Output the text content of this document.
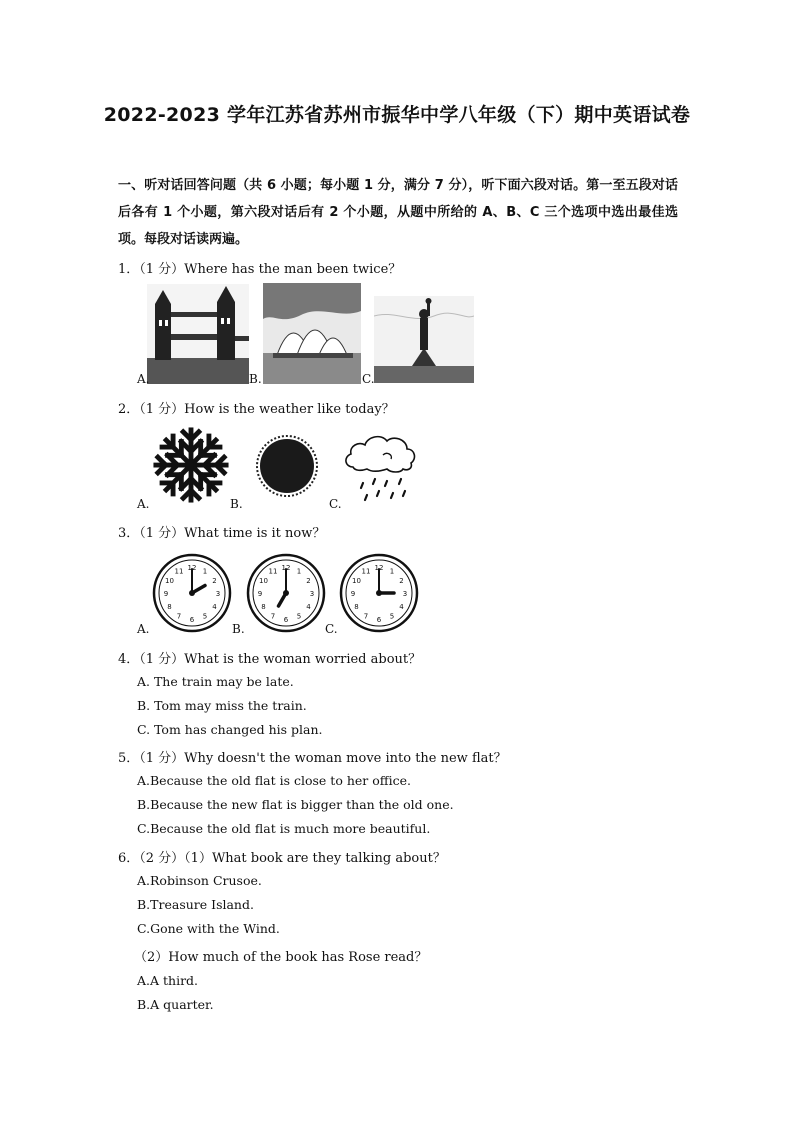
2022-2023 学年江苏省苏州市振华中学八年级（下）期中英语试卷
一、听对话回答问题（共 6 小题；每小题 1 分，满分 7 分），听下面六段对话。第一至五段对话后各有 1 个小题，第六段对话后有 2 个小题，从题中所给的 A、B、C 三个选项中选出最佳选项。每段对话读两遍。
1．（1 分）Where has the man been twice？
A.	B.	C.
2．（1 分）How is the weather like today？
A.	B.	C.
3．（1 分）What time is it now？
1
2
3
4
5
6
7
8
9
10
11 12	1
2
3
4
5
6
7
8
9
10
11 12	1
2
3
4
5
6
7
8
9
10
11 12
A.	B.	C.
4．（1 分）What is the woman worried about？
A. The train may be late.
B. Tom may miss the train.
C. Tom has changed his plan.
5．（1 分）Why doesn't the woman move into the new flat？
A.Because the old flat is close to her office.
B.Because the new flat is bigger than the old one.
C.Because the old flat is much more beautiful.
6．（2 分）（1）What book are they talking about？
A.Robinson Crusoe.
B.Treasure Island.
C.Gone with the Wind.
（2）How much of the book has Rose read？
A.A third.
B.A quarter.
